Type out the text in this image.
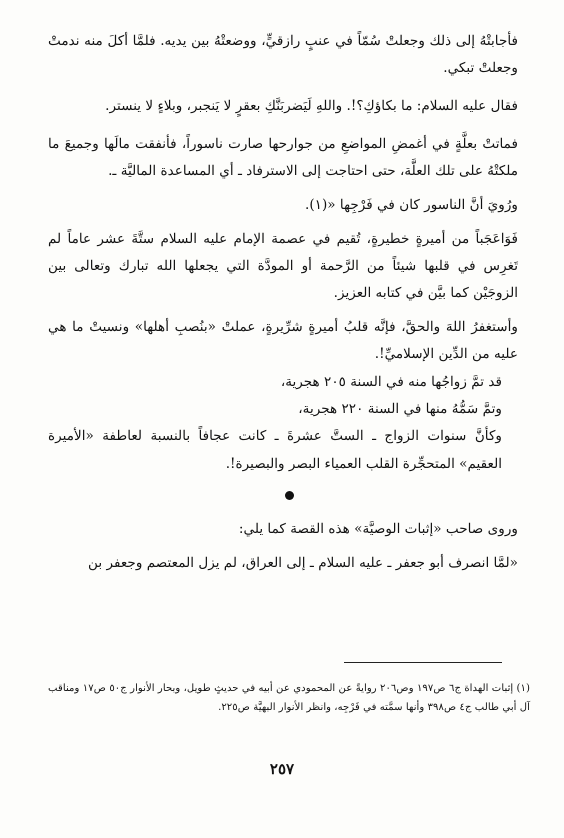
فأجابتْهُ إلى ذلك وجعلتْ سُمّاً في عنبٍ رازقيٍّ، ووضعتْهُ بين يديه. فلمَّا أكلَ منه ندمتْ وجعلتْ تبكي.

فقال عليه السلام: ما بكاؤكِ؟!. واللهِ لَيَضربَنَّكِ بعقرٍ لا يَنجبر، وبلاءٍ لا ينستر.

فماتتْ بعلَّةٍ في أغمضِ المواضعِ من جوارحها صارت ناسوراً، فأنفقت مالَها وجميعَ ما ملكتْهُ على تلك العلَّة، حتى احتاجت إلى الاسترفاد ـ أي المساعدة الماليَّة ـ.

ورُويَ أنَّ الناسور كان في فَرْجِها «(١).

فَوَاعَجَباً من أميرةٍ خطيرةٍ، تُقيم في عصمة الإمام عليه السلام ستَّةَ عشر عاماً لم تَغرِس في قلبها شيئاً من الرَّحمة أو المودَّة التي يجعلها الله تبارك وتعالى بين الزوجَيْن كما بيَّن في كتابه العزيز.

وأستغفرُ اللهَ والحقَّ، فإنَّه قلبُ أميرةٍ شرِّيرةٍ، عملتْ «بنُصبِ أهلها» ونسيتْ ما هي عليه من الدِّين الإسلاميِّ!.

قد تمَّ زواجُها منه في السنة ٢٠٥ هجرية،

وتمَّ سَمُّهُ منها في السنة ٢٢٠ هجرية،

وكأنَّ سنوات الزواج ـ الستَّ عشرةَ ـ كانت عجافاً بالنسبة لعاطفة «الأميرة العقيم» المتحجِّرة القلب العمياء البصر والبصيرة!.

وروى صاحب «إثبات الوصيَّة» هذه القصة كما يلي:

«لمَّا انصرف أبو جعفر ـ عليه السلام ـ إلى العراق، لم يزل المعتصم وجعفر بن

(١) إثبات الهداة ج٦ ص١٩٧ وص٢٠٦ روايةً عن المحمودي عن أبيه في حديثٍ طويل، وبحار الأنوار ج٥٠ ص١٧ ومناقب آل أبي طالب ج٤ ص٣٩٨ وأنها سمَّته في فَرْجِه، وانظر الأنوار البهيَّة ص٢٢٥.

٢٥٧
